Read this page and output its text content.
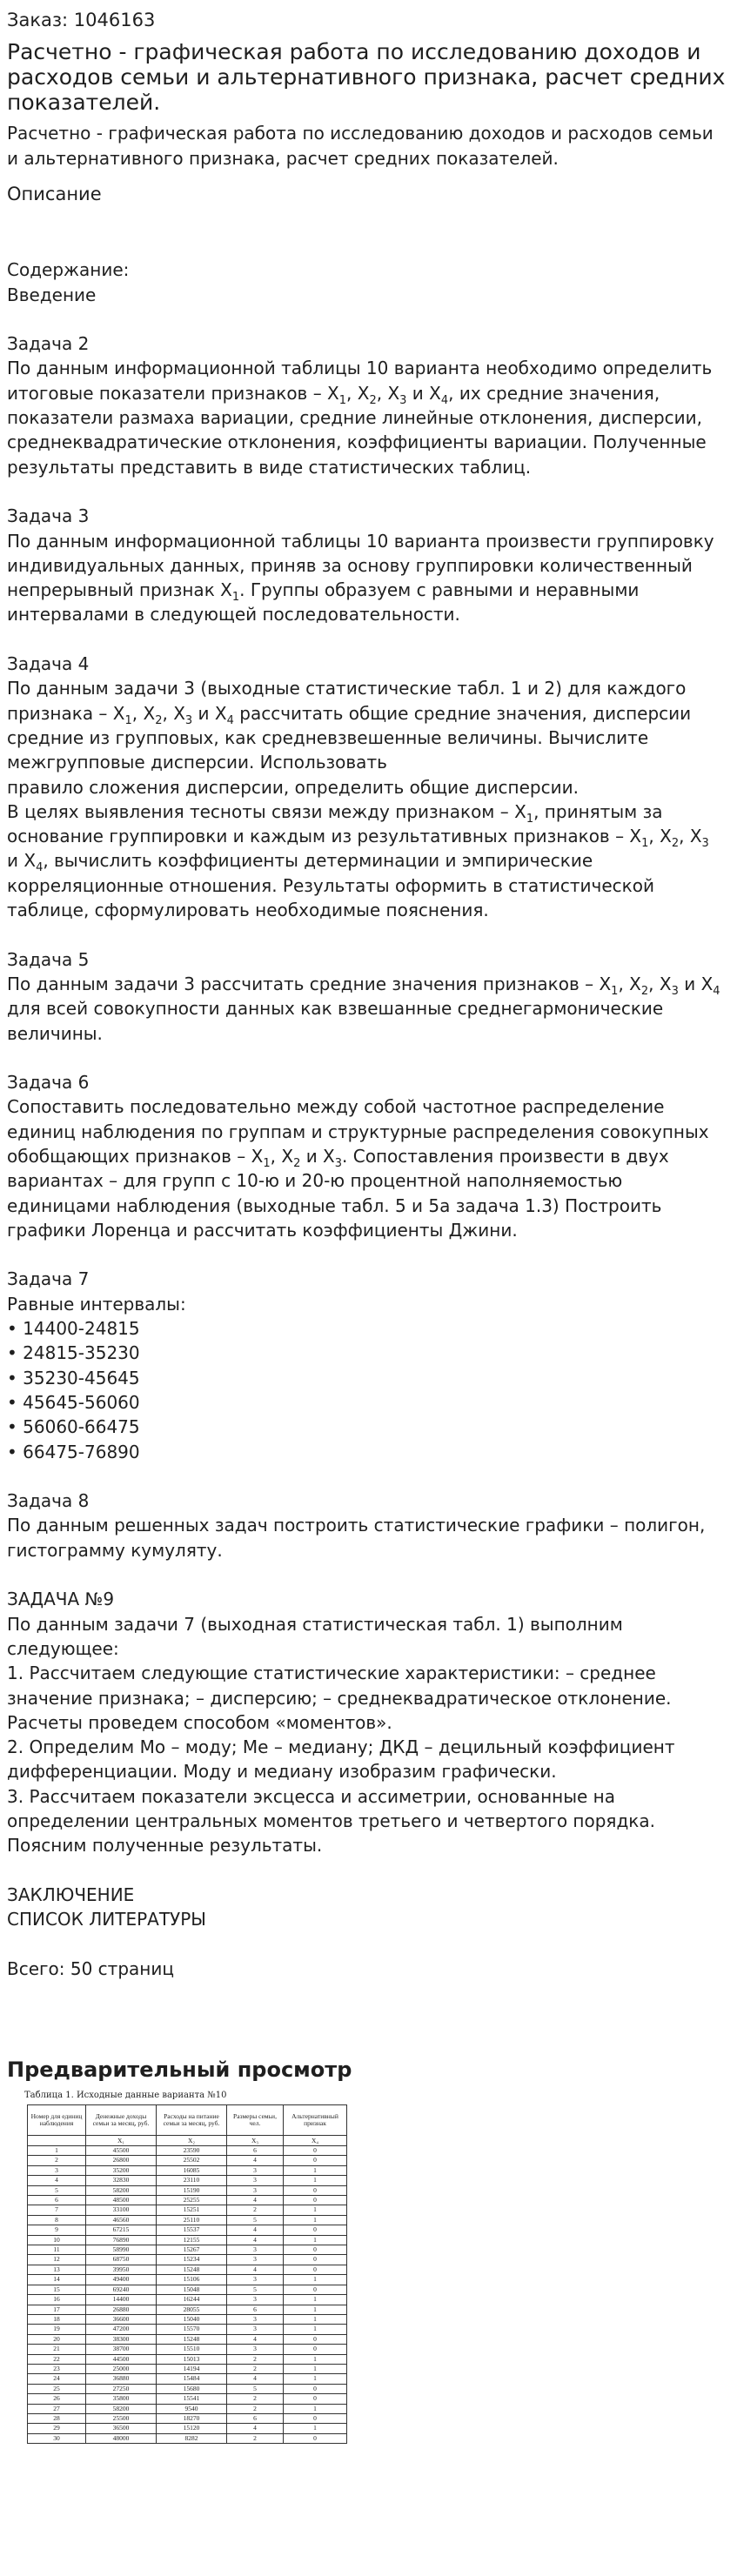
Заказ: 1046163
Расчетно - графическая работа по исследованию доходов и расходов семьи и альтернативного признака, расчет средних показателей.
Расчетно - графическая работа по исследованию доходов и расходов семьи и альтернативного признака, расчет средних показателей.
Описание

Содержание:

Введение

Задача 2

По данным информационной таблицы 10 варианта необходимо определить итоговые показатели признаков – $X_1$, $X_2$, $X_3$ и $X_4$, их средние значения, показатели размаха вариации, средние линейные отклонения, дисперсии, среднеквадратические отклонения, коэффициенты вариации. Полученные результаты представить в виде статистических таблиц.

Задача 3

По данным информационной таблицы 10 варианта произвести группировку индивидуальных данных, приняв за основу группировки количественный непрерывный признак $X_1$. Группы образуем с равными и неравными интервалами в следующей последовательности.

Задача 4

По данным задачи 3 (выходные статистические табл. 1 и 2) для каждого признака – $X_1$, $X_2$, $X_3$ и $X_4$ рассчитать общие средние значения, дисперсии средние из групповых, как средневзвешенные величины. Вычислите межгрупповые дисперсии. Использовать

правило сложения дисперсии, определить общие дисперсии.

В целях выявления тесноты связи между признаком – $X_1$, принятым за основание группировки и каждым из результативных признаков – $X_1$, $X_2$, $X_3$ и $X_4$, вычислить коэффициенты детерминации и эмпирические корреляционные отношения. Результаты оформить в статистической таблице, сформулировать необходимые пояснения.

Задача 5

По данным задачи 3 рассчитать средние значения признаков – $X_1$, $X_2$, $X_3$ и $X_4$ для всей совокупности данных как взвешанные среднегармонические величины.

Задача 6

Сопоставить последовательно между собой частотное распределение единиц наблюдения по группам и структурные распределения совокупных обобщающих признаков – $X_1$, $X_2$ и $X_3$. Сопоставления произвести в двух вариантах – для групп с 10-ю и 20-ю процентной наполняемостью единицами наблюдения (выходные табл. 5 и 5а задача 1.3) Построить графики Лоренца и рассчитать коэффициенты Джини.

Задача 7

Равные интервалы:

• 14400-24815

• 24815-35230

• 35230-45645

• 45645-56060

• 56060-66475

• 66475-76890

Задача 8

По данным решенных задач построить статистические графики – полигон, гистограмму кумуляту.

ЗАДАЧА №9

По данным задачи 7 (выходная статистическая табл. 1) выполним следующее:

1. Рассчитаем следующие статистические характеристики: – среднее значение признака; – дисперсию; – среднеквадратическое отклонение.

Расчеты проведем способом «моментов».

2. Определим Мо – моду; Ме – медиану; ДКД – децильный коэффициент дифференциации. Моду и медиану изобразим графически.

3. Рассчитаем показатели эксцесса и ассиметрии, основанные на определении центральных моментов третьего и четвертого порядка. Поясним полученные результаты.

ЗАКЛЮЧЕНИЕ

СПИСОК ЛИТЕРАТУРЫ

Всего: 50 страниц

Предварительный просмотр
Таблица 1. Исходные данные варианта №10
Номер для единиц наблюдения	Денежные доходы семьи за месяц, руб.	Расходы на питание семьи за месяц, руб.	Размеры семьи, чел.	Альтернативный признак
	X₁	X₂	X₃	X₄
1	45500	23590	6	0
2	26800	25502	4	0
3	35200	16085	3	1
4	32830	23110	3	1
5	58200	15190	3	0
6	48500	25255	4	0
7	33100	15251	2	1
8	46560	25110	5	1
9	67215	15537	4	0
10	76890	12155	4	1
11	58990	15267	3	0
12	68750	15234	3	0
13	39950	15248	4	0
14	49400	15106	3	1
15	69240	15048	5	0
16	14400	16244	3	1
17	26880	28055	6	1
18	36600	15040	3	1
19	47200	15570	3	1
20	38300	15248	4	0
21	38700	15510	3	0
22	44500	15013	2	1
23	25000	14194	2	1
24	36880	15484	4	1
25	27250	15680	5	0
26	35800	15541	2	0
27	58200	9540	2	1
28	25500	18270	6	0
29	36500	15120	4	1
30	48000	8282	2	0
